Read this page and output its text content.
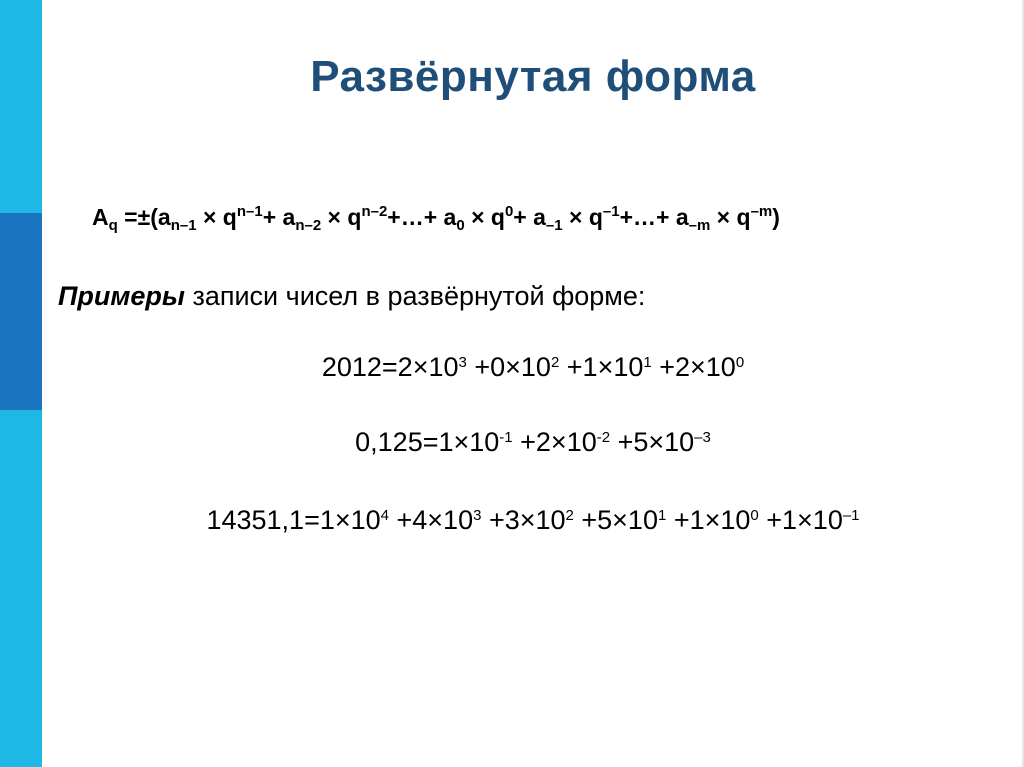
Развёрнутая форма
$A_q =\pm(a_{n-1} \times q^{n-1}+ a_{n-2}$ × $q^{n-2}+\dots+ a_0 \times q^0+ a_{-1}$ × $q^{-1}+\dots+ a_{-m} \times q^{-m}$)
Примеры записи чисел в развёрнутой форме:
$2012=2\times 10^3 +0\times 10^2 +1\times 10^1 +2\times 10^0$
$0,125=1\times 10^{-1} +2\times 10^{-2} +5\times 10^{-3}$
$14351,1=1\times 10^4 +4\times 10^3 +3\times 10^2 +5\times 10^1 +1\times 10^0 +1\times 10^{-1}$
